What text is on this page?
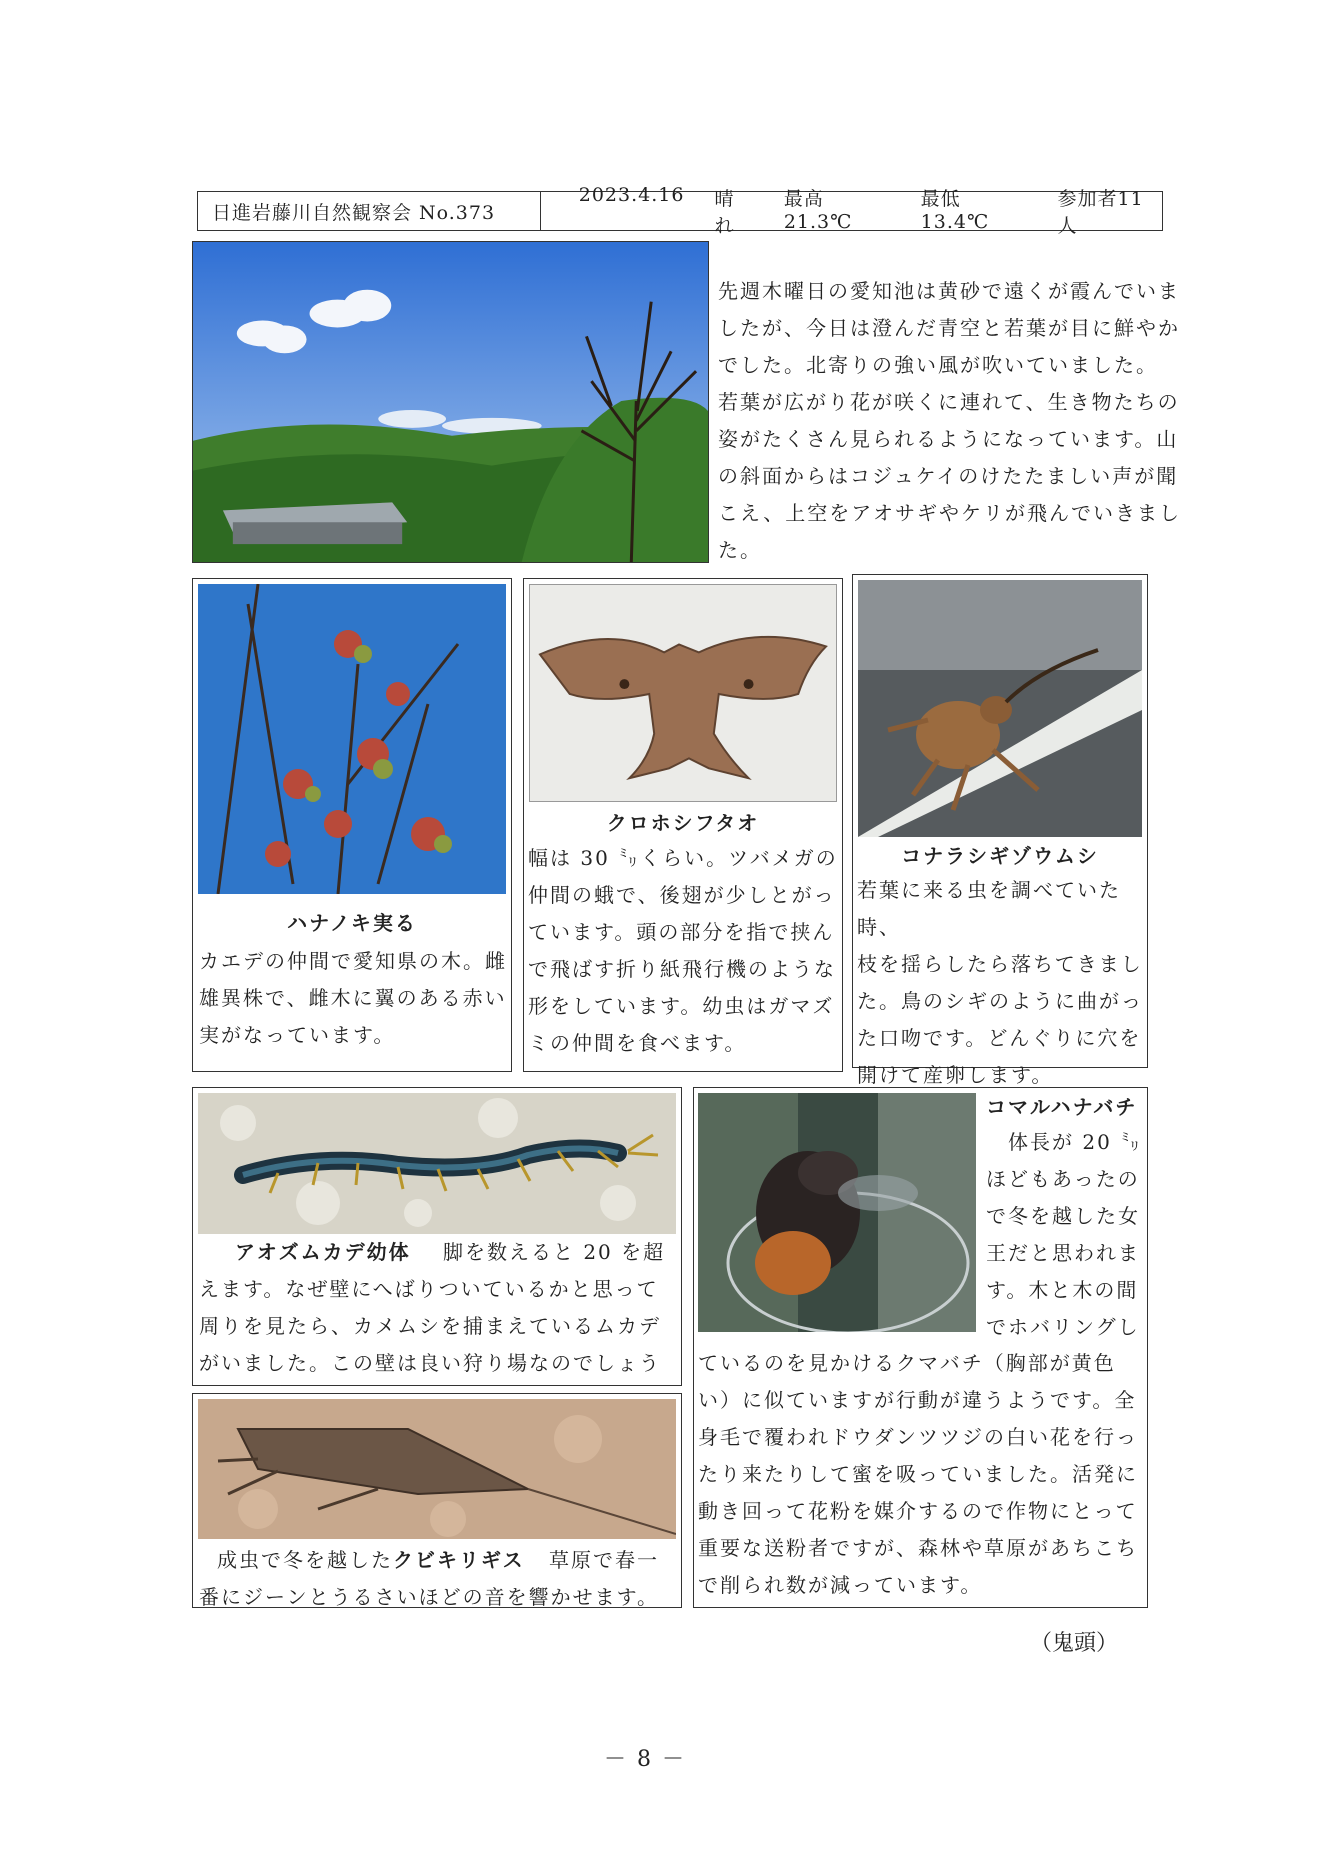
日進岩藤川自然観察会 No.373
2023.4.16 晴れ
最高21.3℃
最低13.4℃
参加者11人
先週木曜日の愛知池は黄砂で遠くが霞んでいま
したが、今日は澄んだ青空と若葉が目に鮮やか
でした。北寄りの強い風が吹いていました。
若葉が広がり花が咲くに連れて、生き物たちの
姿がたくさん見られるようになっています。山
の斜面からはコジュケイのけたたましい声が聞
こえ、上空をアオサギやケリが飛んでいきまし
た。
ハナノキ実る
カエデの仲間で愛知県の木。雌
雄異株で、雌木に翼のある赤い
実がなっています。
クロホシフタオ
幅は 30 ㍉くらい。ツバメガの
仲間の蛾で、後翅が少しとがっ
ています。頭の部分を指で挟ん
で飛ばす折り紙飛行機のような
形をしています。幼虫はガマズ
ミの仲間を食べます。
コナラシギゾウムシ
若葉に来る虫を調べていた時、
枝を揺らしたら落ちてきまし
た。鳥のシギのように曲がっ
た口吻です。どんぐりに穴を
開けて産卵します。
アオズムカデ幼体 脚を数えると 20 を超
えます。なぜ壁にへばりついているかと思って
周りを見たら、カメムシを捕まえているムカデ
がいました。この壁は良い狩り場なのでしょう
成虫で冬を越したクビキリギス 草原で春一
番にジーンとうるさいほどの音を響かせます。
コマルハナバチ
体長が 20 ㍉
ほどもあったの
で冬を越した女
王だと思われま
す。木と木の間
でホバリングし
ているのを見かけるクマバチ（胸部が黄色
い）に似ていますが行動が違うようです。全
身毛で覆われドウダンツツジの白い花を行っ
たり来たりして蜜を吸っていました。活発に
動き回って花粉を媒介するので作物にとって
重要な送粉者ですが、森林や草原があちこち
で削られ数が減っています。
（鬼頭）
－ 8 －
